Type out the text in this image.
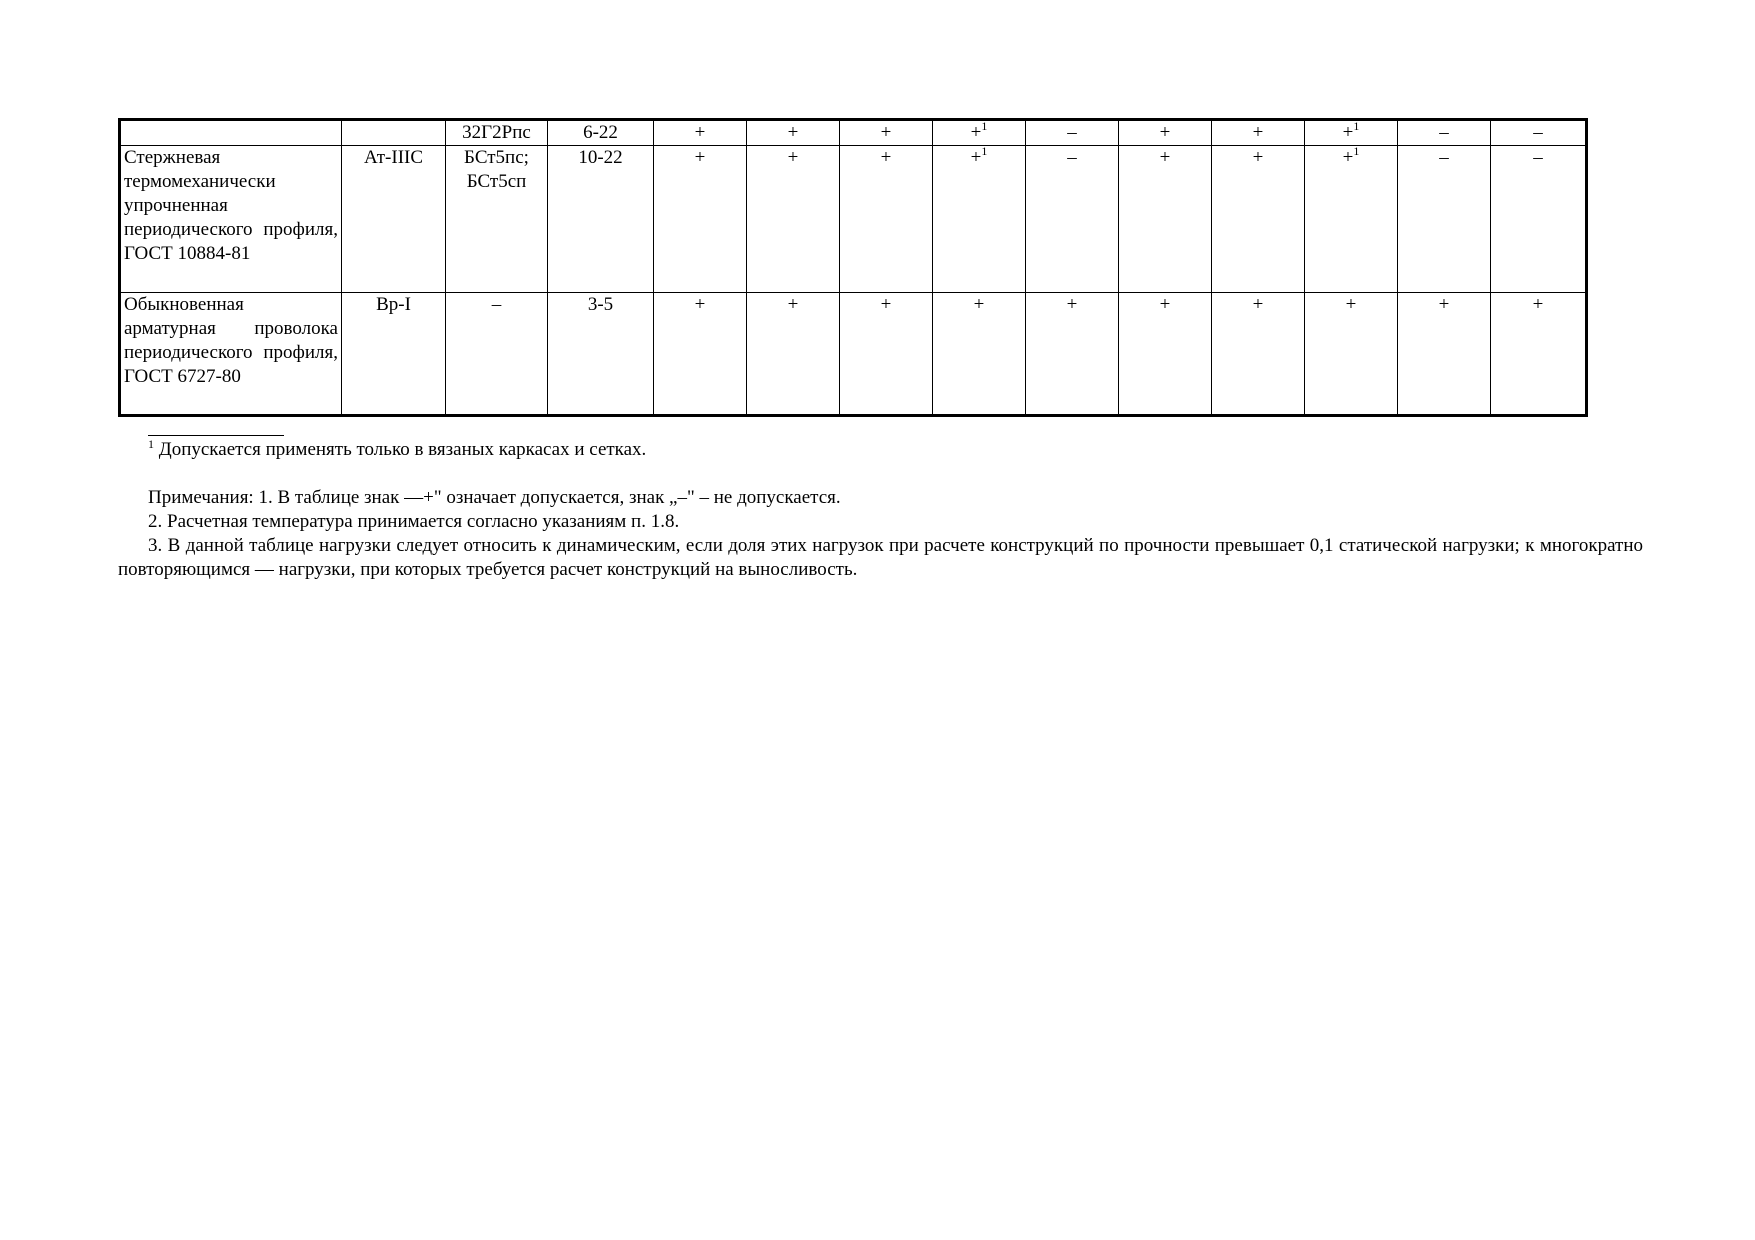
		32Г2Рпс	6-22	+	+	+	+$^1$	–	+	+	+$^1$	–	–
Стержневая термомеханически упрочненная периодического профиля, ГОСТ 10884-81	Ат-IIIС	БСт5пс; БСт5сп	10-22	+	+	+	+$^1$	–	+	+	+$^1$	–	–
Обыкновенная арматурная проволока периодического профиля, ГОСТ 6727-80	Вр-I	–	3-5	+	+	+	+	+	+	+	+	+	+
$^1$ Допускается применять только в вязаных каркасах и сетках.
Примечания: 1. В таблице знак ―+" означает допускается, знак „–" – не допускается.
2. Расчетная температура принимается согласно указаниям п. 1.8.
3. В данной таблице нагрузки следует относить к динамическим, если доля этих нагрузок при расчете конструкций по прочности превышает 0,1 статической нагрузки; к многократно повторяющимся — нагрузки, при которых требуется расчет конструкций на выносливость.
